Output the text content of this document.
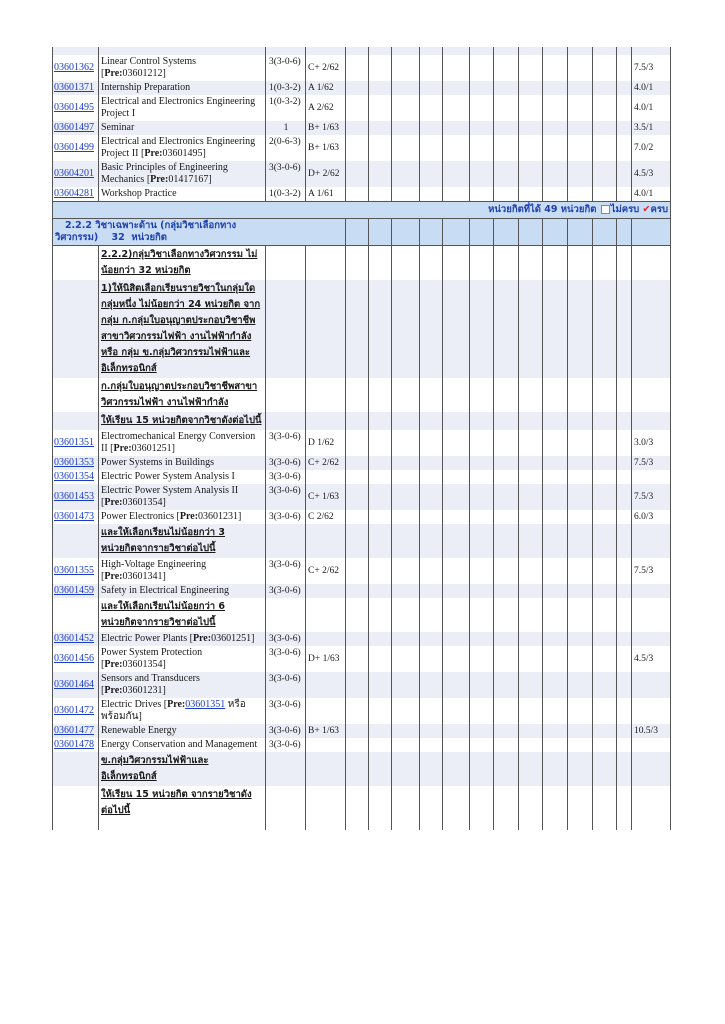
03601362	Linear Control Systems [Pre:03601212]	3(3-0-6)	C+ 2/62													7.5/3
03601371	Internship Preparation	1(0-3-2)	A 1/62													4.0/1
03601495	Electrical and Electronics Engineering Project I	1(0-3-2)	A 2/62													4.0/1
03601497	Seminar	1	B+ 1/63													3.5/1
03601499	Electrical and Electronics Engineering Project II [Pre:03601495]	2(0-6-3)	B+ 1/63													7.0/2
03604201	Basic Principles of Engineering Mechanics [Pre:01417167]	3(3-0-6)	D+ 2/62													4.5/3
03604281	Workshop Practice	1(0-3-2)	A 1/61													4.0/1
หน่วยกิตที่ได้ 49 หน่วยกิต ไม่ครบ ✔ครบ																
2.2.2 วิชาเฉพาะด้าน (กลุ่มวิชาเลือกทางวิศวกรรม) 32 หน่วยกิต																
	2.2.2)กลุ่มวิชาเลือกทางวิศวกรรม ไม่น้อยกว่า 32 หน่วยกิต															
	1)ให้นิสิตเลือกเรียนรายวิชาในกลุ่มใดกลุ่มหนึ่ง ไม่น้อยกว่า 24 หน่วยกิต จากกลุ่ม ก.กลุ่มใบอนุญาตประกอบวิชาชีพสาขาวิศวกรรมไฟฟ้า งานไฟฟ้ากำลัง หรือ กลุ่ม ข.กลุ่มวิศวกรรมไฟฟ้าและอิเล็กทรอนิกส์															
	ก.กลุ่มใบอนุญาตประกอบวิชาชีพสาขาวิศวกรรมไฟฟ้า งานไฟฟ้ากำลัง															
	ให้เรียน 15 หน่วยกิตจากวิชาดังต่อไปนี้															
03601351	Electromechanical Energy Conversion II [Pre:03601251]	3(3-0-6)	D 1/62													3.0/3
03601353	Power Systems in Buildings	3(3-0-6)	C+ 2/62													7.5/3
03601354	Electric Power System Analysis I	3(3-0-6)														
03601453	Electric Power System Analysis II [Pre:03601354]	3(3-0-6)	C+ 1/63													7.5/3
03601473	Power Electronics [Pre:03601231]	3(3-0-6)	C 2/62													6.0/3
	และให้เลือกเรียนไม่น้อยกว่า 3 หน่วยกิตจากรายวิชาต่อไปนี้															
03601355	High-Voltage Engineering [Pre:03601341]	3(3-0-6)	C+ 2/62													7.5/3
03601459	Safety in Electrical Engineering	3(3-0-6)														
	และให้เลือกเรียนไม่น้อยกว่า 6 หน่วยกิตจากรายวิชาต่อไปนี้															
03601452	Electric Power Plants [Pre:03601251]	3(3-0-6)														
03601456	Power System Protection [Pre:03601354]	3(3-0-6)	D+ 1/63													4.5/3
03601464	Sensors and Transducers [Pre:03601231]	3(3-0-6)														
03601472	Electric Drives [Pre:03601351 หรือพร้อมกัน]	3(3-0-6)														
03601477	Renewable Energy	3(3-0-6)	B+ 1/63													10.5/3
03601478	Energy Conservation and Management	3(3-0-6)														
	ข.กลุ่มวิศวกรรมไฟฟ้าและอิเล็กทรอนิกส์															
	ให้เรียน 15 หน่วยกิต จากรายวิชาดังต่อไปนี้															
